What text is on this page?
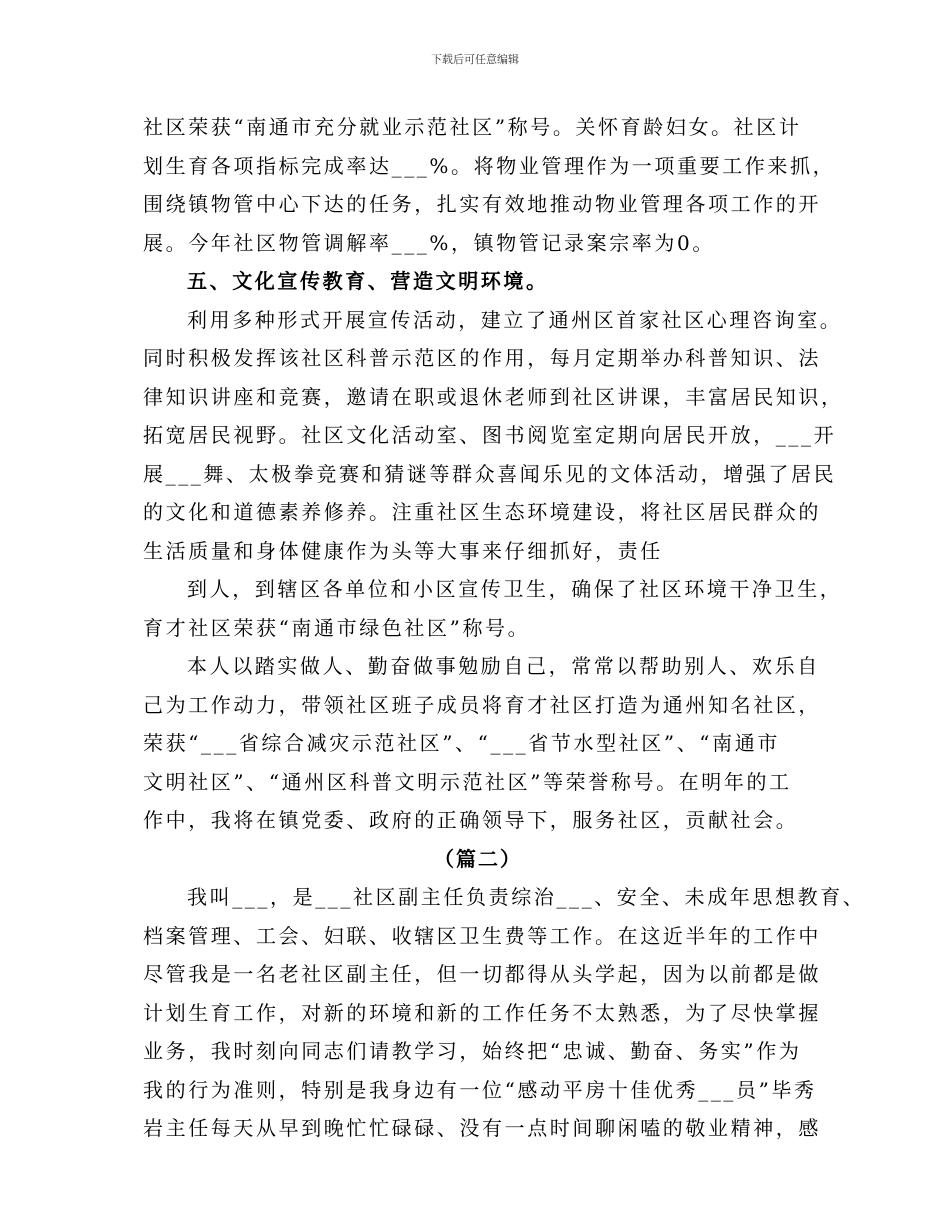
下载后可任意编辑
社区荣获“南通市充分就业示范社区”称号。关怀育龄妇女。社区计
划生育各项指标完成率达___%。将物业管理作为一项重要工作来抓，
围绕镇物管中心下达的任务，扎实有效地推动物业管理各项工作的开
展。今年社区物管调解率___%，镇物管记录案宗率为0。
五、文化宣传教育、营造文明环境。
利用多种形式开展宣传活动，建立了通州区首家社区心理咨询室。
同时积极发挥该社区科普示范区的作用，每月定期举办科普知识、法
律知识讲座和竞赛，邀请在职或退休老师到社区讲课，丰富居民知识，
拓宽居民视野。社区文化活动室、图书阅览室定期向居民开放，___开
展___舞、太极拳竞赛和猜谜等群众喜闻乐见的文体活动，增强了居民
的文化和道德素养修养。注重社区生态环境建设，将社区居民群众的
生活质量和身体健康作为头等大事来仔细抓好，责任
到人，到辖区各单位和小区宣传卫生，确保了社区环境干净卫生，
育才社区荣获“南通市绿色社区”称号。
本人以踏实做人、勤奋做事勉励自己，常常以帮助别人、欢乐自
己为工作动力，带领社区班子成员将育才社区打造为通州知名社区，
荣获“___省综合减灾示范社区”、“___省节水型社区”、“南通市
文明社区”、“通州区科普文明示范社区”等荣誉称号。在明年的工
作中，我将在镇党委、政府的正确领导下，服务社区，贡献社会。
（篇二）
我叫___，是___社区副主任负责综治___、安全、未成年思想教育、
档案管理、工会、妇联、收辖区卫生费等工作。在这近半年的工作中
尽管我是一名老社区副主任，但一切都得从头学起，因为以前都是做
计划生育工作，对新的环境和新的工作任务不太熟悉，为了尽快掌握
业务，我时刻向同志们请教学习，始终把“忠诚、勤奋、务实”作为
我的行为准则，特别是我身边有一位“感动平房十佳优秀___员”毕秀
岩主任每天从早到晚忙忙碌碌、没有一点时间聊闲嗑的敬业精神，感
